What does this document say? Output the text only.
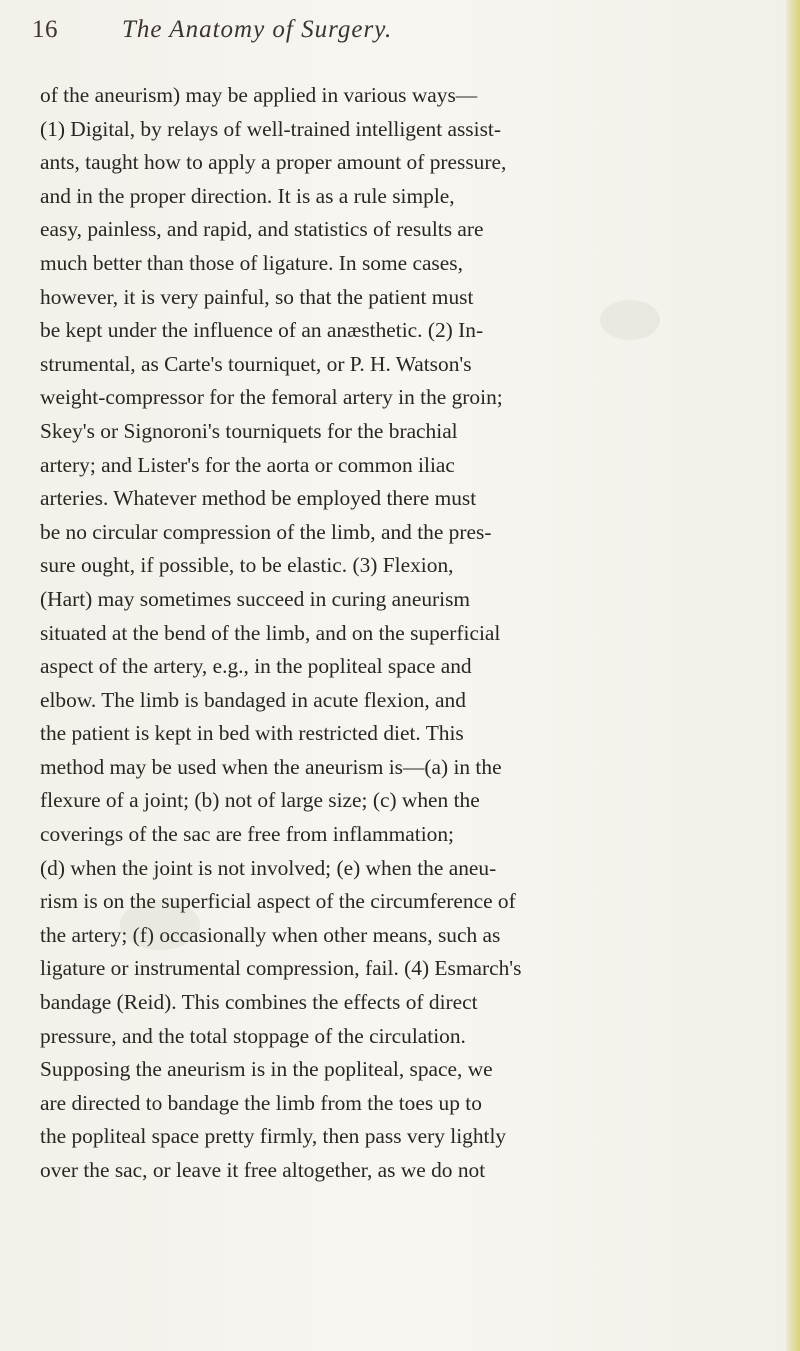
16	The Anatomy of Surgery.
of the aneurism) may be applied in various ways—
(1) Digital, by relays of well-trained intelligent assist-
ants, taught how to apply a proper amount of pressure,
and in the proper direction. It is as a rule simple,
easy, painless, and rapid, and statistics of results are
much better than those of ligature. In some cases,
however, it is very painful, so that the patient must
be kept under the influence of an anæsthetic. (2) In-
strumental, as Carte's tourniquet, or P. H. Watson's
weight-compressor for the femoral artery in the groin;
Skey's or Signoroni's tourniquets for the brachial
artery; and Lister's for the aorta or common iliac
arteries. Whatever method be employed there must
be no circular compression of the limb, and the pres-
sure ought, if possible, to be elastic. (3) Flexion,
(Hart) may sometimes succeed in curing aneurism
situated at the bend of the limb, and on the superficial
aspect of the artery, e.g., in the popliteal space and
elbow. The limb is bandaged in acute flexion, and
the patient is kept in bed with restricted diet. This
method may be used when the aneurism is—(a) in the
flexure of a joint; (b) not of large size; (c) when the
coverings of the sac are free from inflammation;
(d) when the joint is not involved; (e) when the aneu-
rism is on the superficial aspect of the circumference of
the artery; (f) occasionally when other means, such as
ligature or instrumental compression, fail. (4) Esmarch's
bandage (Reid). This combines the effects of direct
pressure, and the total stoppage of the circulation.
Supposing the aneurism is in the popliteal, space, we
are directed to bandage the limb from the toes up to
the popliteal space pretty firmly, then pass very lightly
over the sac, or leave it free altogether, as we do not
